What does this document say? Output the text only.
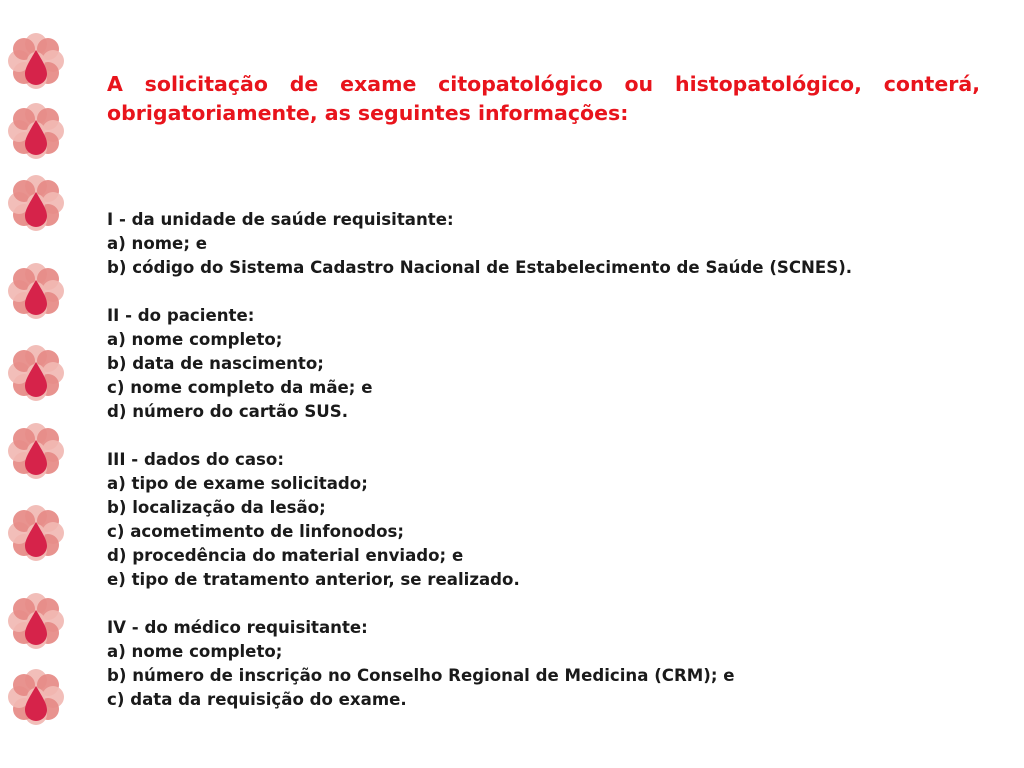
A solicitação de exame citopatológico ou histopatológico, conterá, obrigatoriamente, as seguintes informações:
I - da unidade de saúde requisitante:
a) nome; e
b) código do Sistema Cadastro Nacional de Estabelecimento de Saúde (SCNES).
II - do paciente:
a) nome completo;
b) data de nascimento;
c) nome completo da mãe; e
d) número do cartão SUS.
III - dados do caso:
a) tipo de exame solicitado;
b) localização da lesão;
c) acometimento de linfonodos;
d) procedência do material enviado; e
e) tipo de tratamento anterior, se realizado.
IV - do médico requisitante:
a) nome completo;
b) número de inscrição no Conselho Regional de Medicina (CRM); e
c) data da requisição do exame.
